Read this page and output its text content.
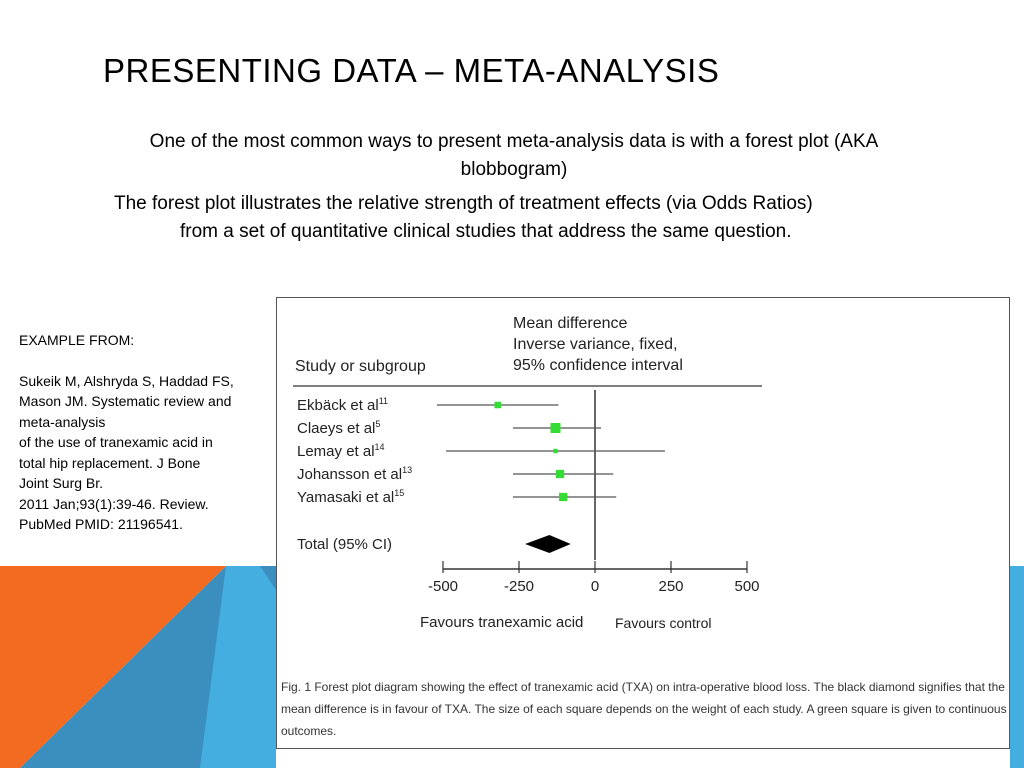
PRESENTING DATA – META-ANALYSIS
One of the most common ways to present meta-analysis data is with a forest plot (AKA blobbogram)
The forest plot illustrates the relative strength of treatment effects (via Odds Ratios)
from a set of quantitative clinical studies that address the same question.
EXAMPLE FROM:
Sukeik M, Alshryda S, Haddad FS,
Mason JM. Systematic review and
meta-analysis
of the use of tranexamic acid in
total hip replacement. J Bone
Joint Surg Br.
2011 Jan;93(1):39-46. Review.
PubMed PMID: 21196541.
Mean difference
Inverse variance, fixed,
95% confidence interval
Study or subgroup
Ekbäck et $al^{11}$
Claeys et $al^5$
Lemay et $al^{14}$
Johansson et $al^{13}$
Yamasaki et $al^{15}$
Total (95% CI)
-500	-250	0	250	500
Favours tranexamic acid Favours control
Fig. 1 Forest plot diagram showing the effect of tranexamic acid (TXA) on intra-operative blood loss. The black diamond signifies that the mean difference is in favour of TXA. The size of each square depends on the weight of each study. A green square is given to continuous outcomes.
